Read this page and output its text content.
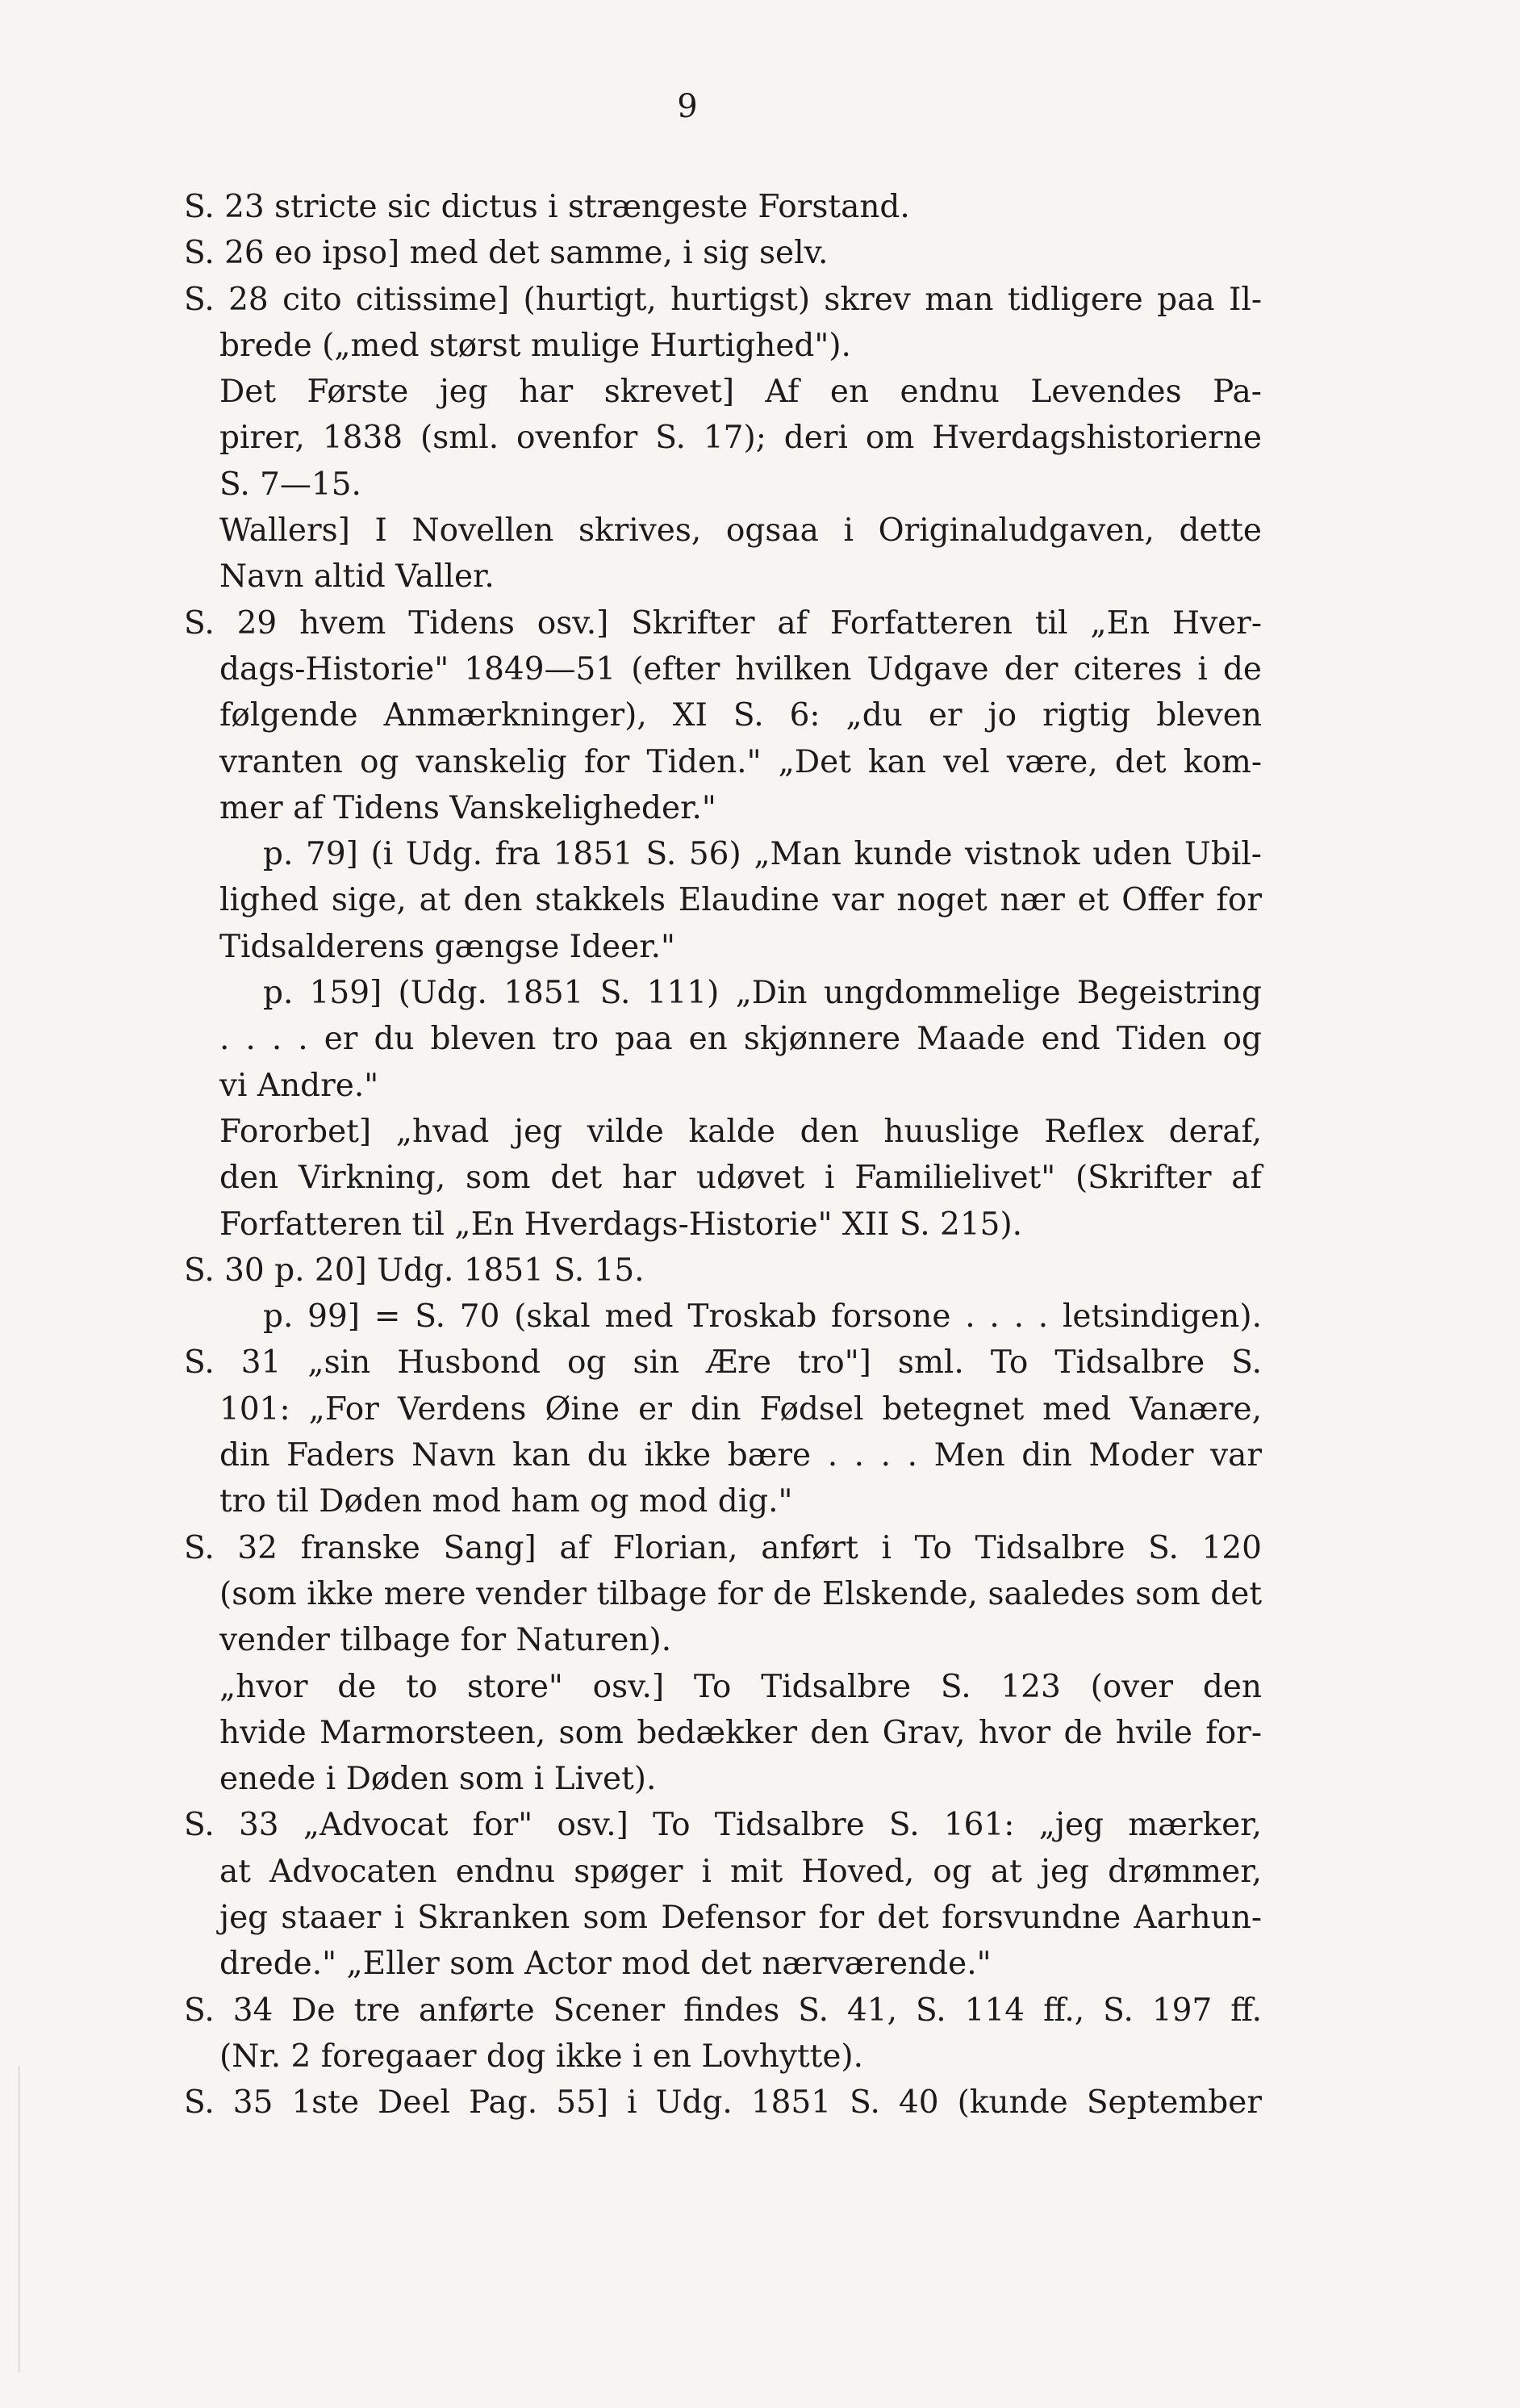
9
S. 23 stricte sic dictus i strængeste Forstand.
S. 26 eo ipso] med det samme, i sig selv.
S. 28 cito citissime] (hurtigt, hurtigst) skrev man tidligere paa Il-
brede („med størst mulige Hurtighed").
Det Første jeg har skrevet] Af en endnu Levendes Pa-
pirer, 1838 (sml. ovenfor S. 17); deri om Hverdagshistorierne
S. 7—15.
Wallers] I Novellen skrives, ogsaa i Originaludgaven, dette
Navn altid Valler.
S. 29 hvem Tidens osv.] Skrifter af Forfatteren til „En Hver-
dags-Historie" 1849—51 (efter hvilken Udgave der citeres i de
følgende Anmærkninger), XI S. 6: „du er jo rigtig bleven
vranten og vanskelig for Tiden." „Det kan vel være, det kom-
mer af Tidens Vanskeligheder."
p. 79] (i Udg. fra 1851 S. 56) „Man kunde vistnok uden Ubil-
lighed sige, at den stakkels Elaudine var noget nær et Offer for
Tidsalderens gængse Ideer."
p. 159] (Udg. 1851 S. 111) „Din ungdommelige Begeistring
. . . . er du bleven tro paa en skjønnere Maade end Tiden og
vi Andre."
Fororbet] „hvad jeg vilde kalde den huuslige Reflex deraf,
den Virkning, som det har udøvet i Familielivet" (Skrifter af
Forfatteren til „En Hverdags-Historie" XII S. 215).
S. 30 p. 20] Udg. 1851 S. 15.
p. 99] = S. 70 (skal med Troskab forsone . . . . letsindigen).
S. 31 „sin Husbond og sin Ære tro"] sml. To Tidsalbre S.
101: „For Verdens Øine er din Fødsel betegnet med Vanære,
din Faders Navn kan du ikke bære . . . . Men din Moder var
tro til Døden mod ham og mod dig."
S. 32 franske Sang] af Florian, anført i To Tidsalbre S. 120
(som ikke mere vender tilbage for de Elskende, saaledes som det
vender tilbage for Naturen).
„hvor de to store" osv.] To Tidsalbre S. 123 (over den
hvide Marmorsteen, som bedækker den Grav, hvor de hvile for-
enede i Døden som i Livet).
S. 33 „Advocat for" osv.] To Tidsalbre S. 161: „jeg mærker,
at Advocaten endnu spøger i mit Hoved, og at jeg drømmer,
jeg staaer i Skranken som Defensor for det forsvundne Aarhun-
drede." „Eller som Actor mod det nærværende."
S. 34 De tre anførte Scener findes S. 41, S. 114 ff., S. 197 ff.
(Nr. 2 foregaaer dog ikke i en Lovhytte).
S. 35 1ste Deel Pag. 55] i Udg. 1851 S. 40 (kunde September
